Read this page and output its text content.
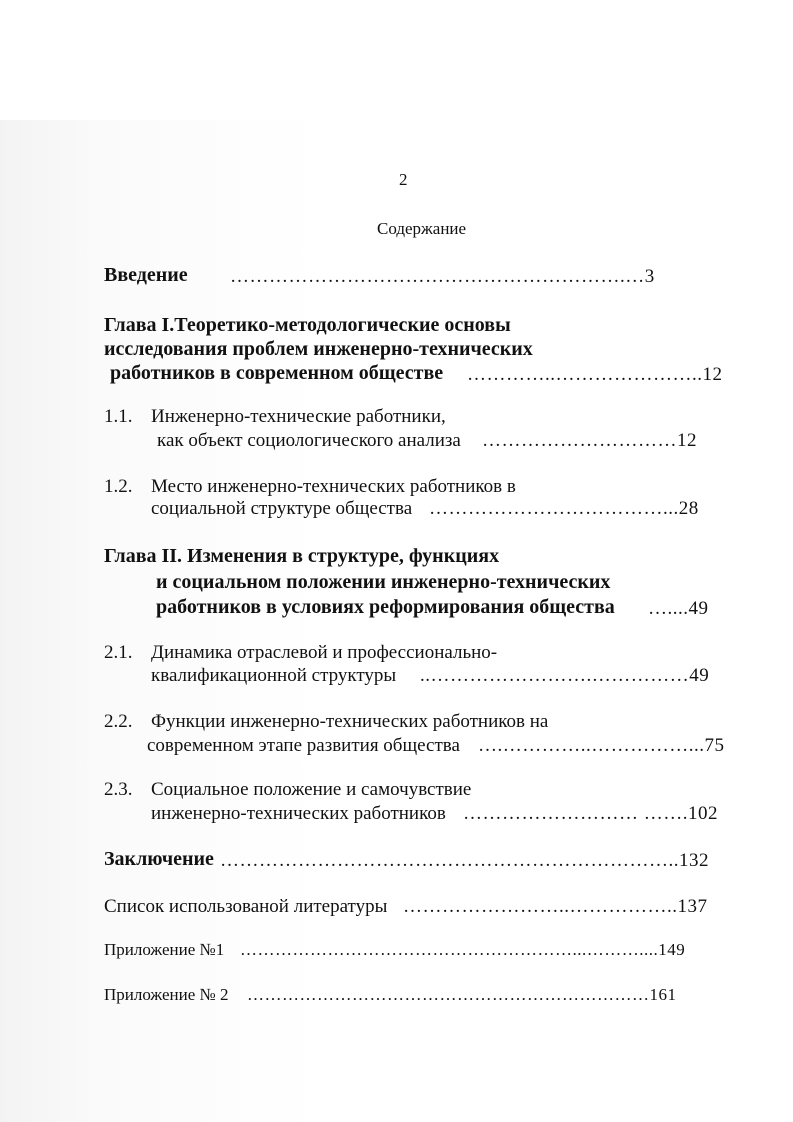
2
Содержание
Введение …………………………………………………….…3
Глава I.Теоретико-методологические основы
исследования проблем инженерно-технических
работников в современном обществе …………..…………………..12
1.1. Инженерно-технические работники,
как объект социологического анализа …………………………12
1.2. Место инженерно-технических работников в
социальной структуре общества ………………………………...28
Глава II. Изменения в структуре, функциях
и социальном положении инженерно-технических
работников в условиях реформирования общества …....49
2.1. Динамика отраслевой и профессионально-
квалификационной структуры ..…………………….……………49
2.2. Функции инженерно-технических работников на
современном этапе развития общества ….…………..……………...75
2.3. Социальное положение и самочувствие
инженерно-технических работников ……………………… …….102
Заключение ……………………………………………………………..132
Список использованой литературы ……………………..……………..137
Приложение №1 …………………………………………………...………....149
Приложение № 2 ……………………………………………………………161
